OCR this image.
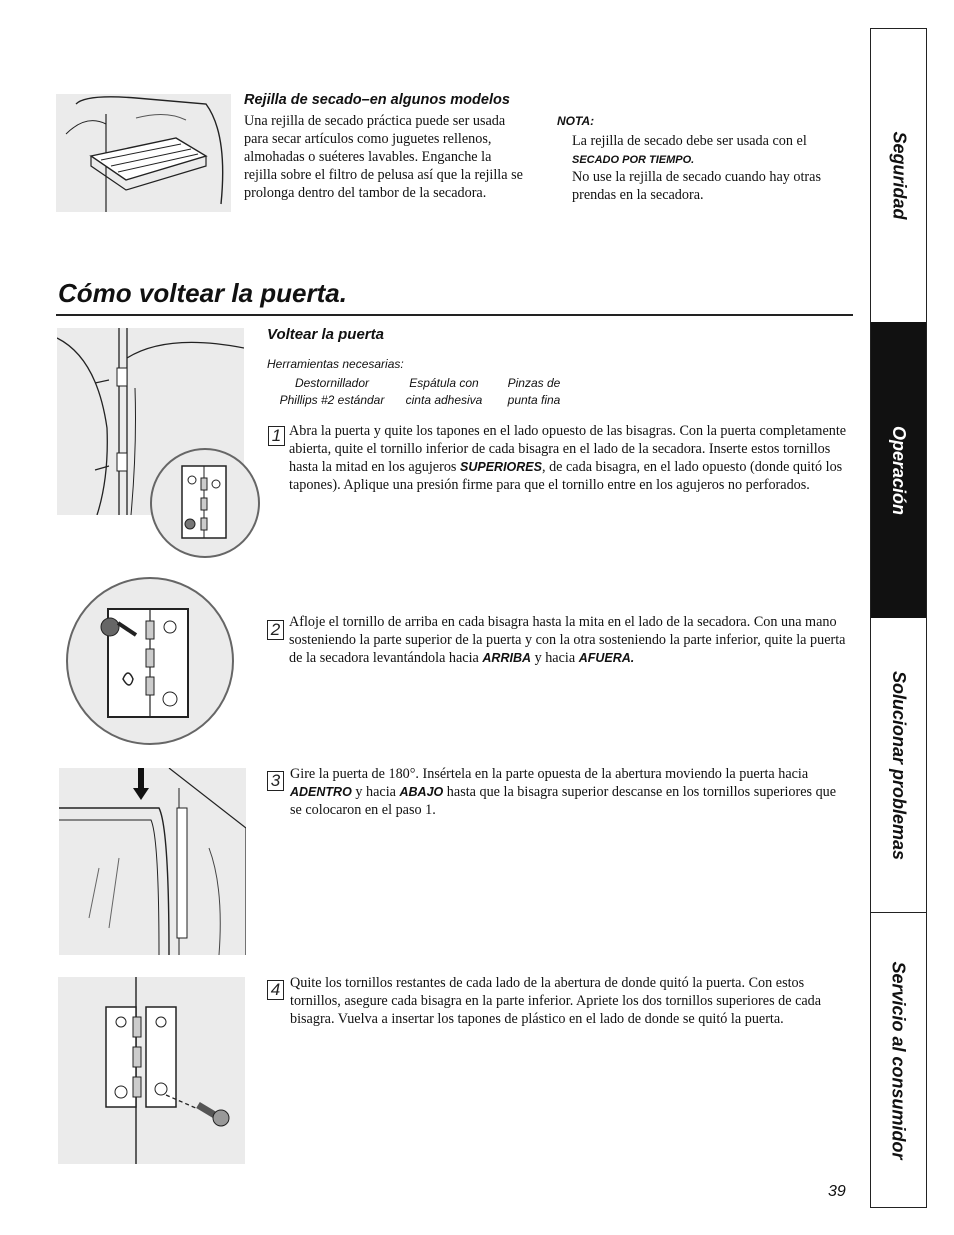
Rejilla de secado–en algunos modelos
Una rejilla de secado práctica puede ser usada para secar artículos como juguetes rellenos, almohadas o suéteres lavables. Enganche la rejilla sobre el filtro de pelusa así que la rejilla se prolonga dentro del tambor de la secadora.
NOTA:
La rejilla de secado debe ser usada con el
SECADO POR TIEMPO.
No use la rejilla de secado cuando hay otras prendas en la secadora.
Cómo voltear la puerta.
Voltear la puerta
Herramientas necesarias:
Destornillador
Phillips #2 estándar
Espátula con
cinta adhesiva
Pinzas de
punta fina
1 Abra la puerta y quite los tapones en el lado opuesto de las bisagras. Con la puerta completamente abierta, quite el tornillo inferior de cada bisagra en el lado de la secadora. Inserte estos tornillos hasta la mitad en los agujeros SUPERIORES, de cada bisagra, en el lado opuesto (donde quitó los tapones). Aplique una presión firme para que el tornillo entre en los agujeros no perforados.
2 Afloje el tornillo de arriba en cada bisagra hasta la mita en el lado de la secadora. Con una mano sosteniendo la parte superior de la puerta y con la otra sosteniendo la parte inferior, quite la puerta de la secadora levantándola hacia ARRIBA y hacia AFUERA.
3 Gire la puerta de 180°. Insértela en la parte opuesta de la abertura moviendo la puerta hacia ADENTRO y hacia ABAJO hasta que la bisagra superior descanse en los tornillos superiores que se colocaron en el paso 1.
4 Quite los tornillos restantes de cada lado de la abertura de donde quitó la puerta. Con estos tornillos, asegure cada bisagra en la parte inferior. Apriete los dos tornillos superiores de cada bisagra. Vuelva a insertar los tapones de plástico en el lado de donde se quitó la puerta.
39
Seguridad
Operación
Solucionar problemas
Servicio al consumidor
